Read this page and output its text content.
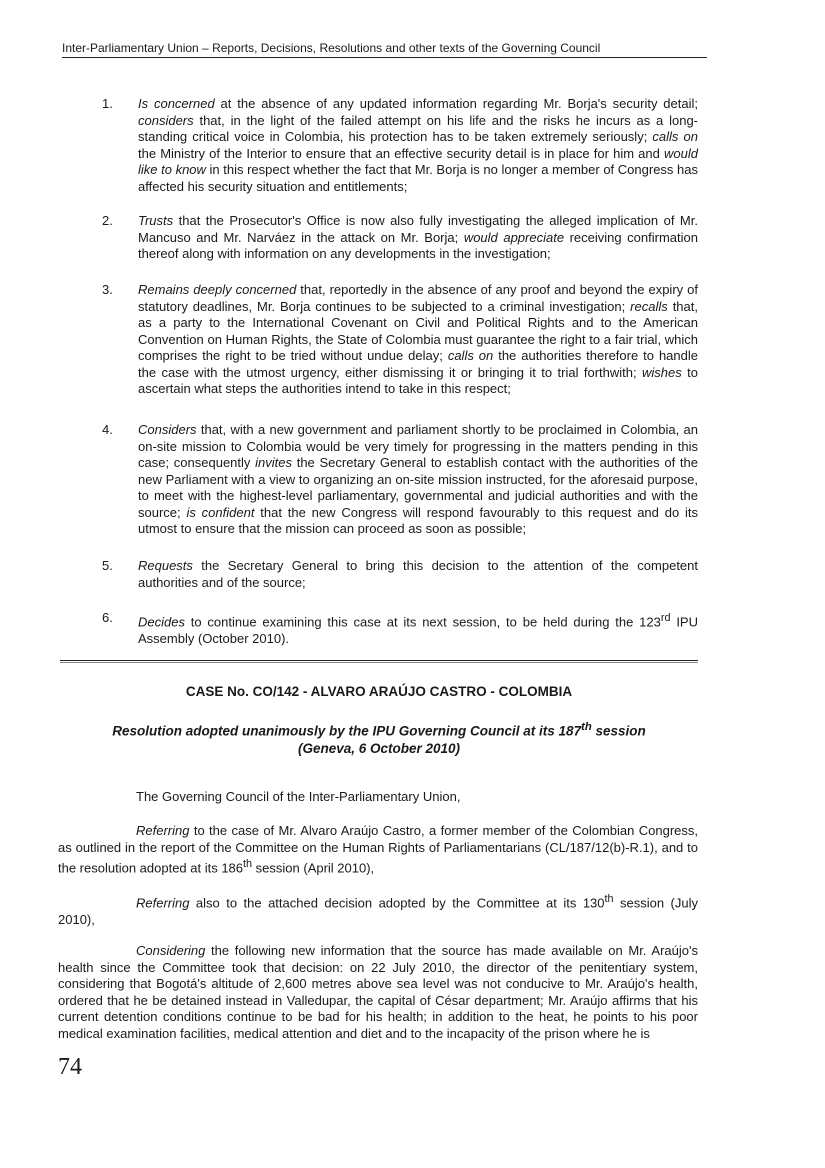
Inter-Parliamentary Union – Reports, Decisions, Resolutions and other texts of the Governing Council
1. Is concerned at the absence of any updated information regarding Mr. Borja's security detail; considers that, in the light of the failed attempt on his life and the risks he incurs as a long-standing critical voice in Colombia, his protection has to be taken extremely seriously; calls on the Ministry of the Interior to ensure that an effective security detail is in place for him and would like to know in this respect whether the fact that Mr. Borja is no longer a member of Congress has affected his security situation and entitlements;
2. Trusts that the Prosecutor's Office is now also fully investigating the alleged implication of Mr. Mancuso and Mr. Narváez in the attack on Mr. Borja; would appreciate receiving confirmation thereof along with information on any developments in the investigation;
3. Remains deeply concerned that, reportedly in the absence of any proof and beyond the expiry of statutory deadlines, Mr. Borja continues to be subjected to a criminal investigation; recalls that, as a party to the International Covenant on Civil and Political Rights and to the American Convention on Human Rights, the State of Colombia must guarantee the right to a fair trial, which comprises the right to be tried without undue delay; calls on the authorities therefore to handle the case with the utmost urgency, either dismissing it or bringing it to trial forthwith; wishes to ascertain what steps the authorities intend to take in this respect;
4. Considers that, with a new government and parliament shortly to be proclaimed in Colombia, an on-site mission to Colombia would be very timely for progressing in the matters pending in this case; consequently invites the Secretary General to establish contact with the authorities of the new Parliament with a view to organizing an on-site mission instructed, for the aforesaid purpose, to meet with the highest-level parliamentary, governmental and judicial authorities and with the source; is confident that the new Congress will respond favourably to this request and do its utmost to ensure that the mission can proceed as soon as possible;
5. Requests the Secretary General to bring this decision to the attention of the competent authorities and of the source;
6. Decides to continue examining this case at its next session, to be held during the 123rd IPU Assembly (October 2010).
CASE No. CO/142 - ALVARO ARAÚJO CASTRO - COLOMBIA
Resolution adopted unanimously by the IPU Governing Council at its 187th session
(Geneva, 6 October 2010)
The Governing Council of the Inter-Parliamentary Union,
Referring to the case of Mr. Alvaro Araújo Castro, a former member of the Colombian Congress, as outlined in the report of the Committee on the Human Rights of Parliamentarians (CL/187/12(b)-R.1), and to the resolution adopted at its 186th session (April 2010),
Referring also to the attached decision adopted by the Committee at its 130th session (July 2010),
Considering the following new information that the source has made available on Mr. Araújo's health since the Committee took that decision: on 22 July 2010, the director of the penitentiary system, considering that Bogotá's altitude of 2,600 metres above sea level was not conducive to Mr. Araújo's health, ordered that he be detained instead in Valledupar, the capital of César department; Mr. Araújo affirms that his current detention conditions continue to be bad for his health; in addition to the heat, he points to his poor medical examination facilities, medical attention and diet and to the incapacity of the prison where he is
74
